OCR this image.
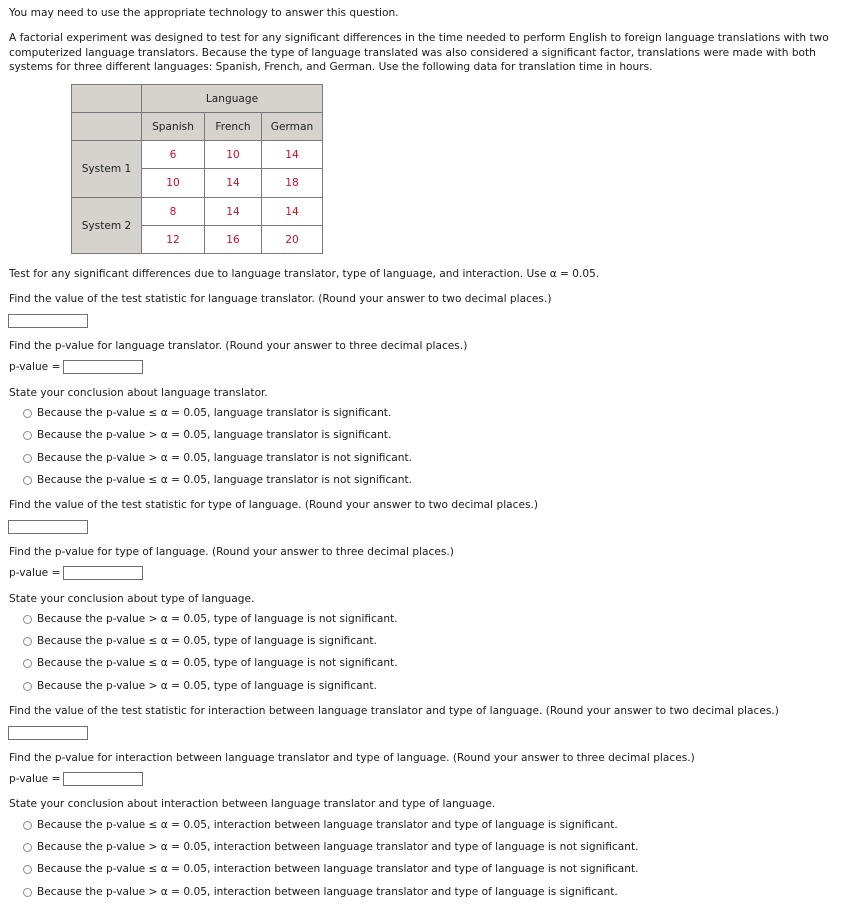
You may need to use the appropriate technology to answer this question.
A factorial experiment was designed to test for any significant differences in the time needed to perform English to foreign language translations with two computerized language translators. Because the type of language translated was also considered a significant factor, translations were made with both systems for three different languages: Spanish, French, and German. Use the following data for translation time in hours.
	Language		
	Spanish	French	German
System 1	6	10	14
	10	14	18
System 2	8	14	14
	12	16	20
Test for any significant differences due to language translator, type of language, and interaction. Use α = 0.05.
Find the value of the test statistic for language translator. (Round your answer to two decimal places.)
Find the p-value for language translator. (Round your answer to three decimal places.)
p-value =
State your conclusion about language translator.
Because the p-value ≤ α = 0.05, language translator is significant.
Because the p-value > α = 0.05, language translator is significant.
Because the p-value > α = 0.05, language translator is not significant.
Because the p-value ≤ α = 0.05, language translator is not significant.
Find the value of the test statistic for type of language. (Round your answer to two decimal places.)
Find the p-value for type of language. (Round your answer to three decimal places.)
p-value =
State your conclusion about type of language.
Because the p-value > α = 0.05, type of language is not significant.
Because the p-value ≤ α = 0.05, type of language is significant.
Because the p-value ≤ α = 0.05, type of language is not significant.
Because the p-value > α = 0.05, type of language is significant.
Find the value of the test statistic for interaction between language translator and type of language. (Round your answer to two decimal places.)
Find the p-value for interaction between language translator and type of language. (Round your answer to three decimal places.)
p-value =
State your conclusion about interaction between language translator and type of language.
Because the p-value ≤ α = 0.05, interaction between language translator and type of language is significant.
Because the p-value > α = 0.05, interaction between language translator and type of language is not significant.
Because the p-value ≤ α = 0.05, interaction between language translator and type of language is not significant.
Because the p-value > α = 0.05, interaction between language translator and type of language is significant.
